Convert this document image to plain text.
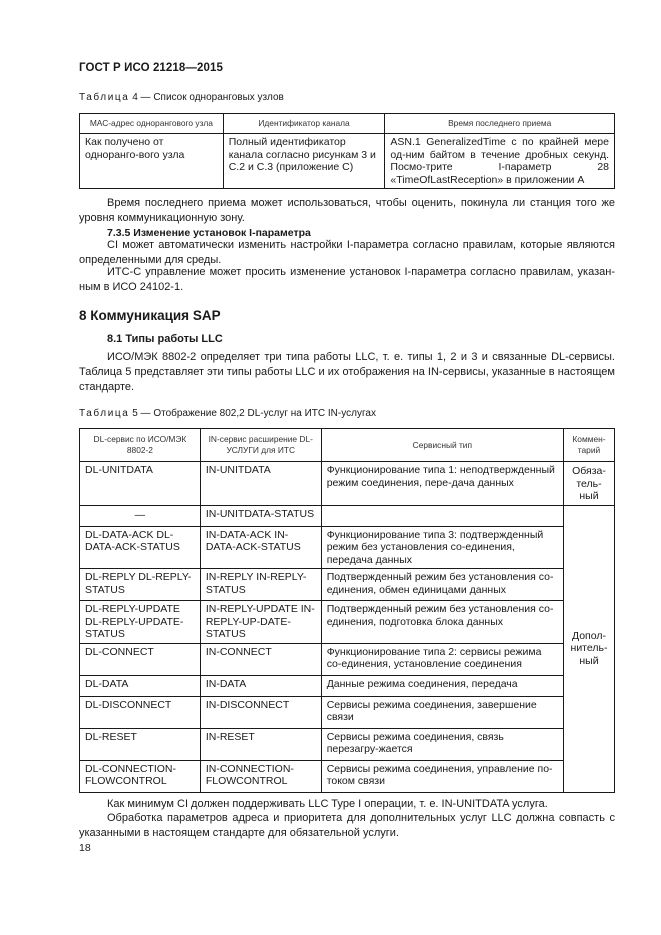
ГОСТ Р ИСО 21218—2015
Таблица 4 — Список одноранговых узлов
МАС-адрес однорангового узла	Идентификатор канала	Время последнего приема
Как получено от одноранго-вого узла	Полный идентификатор канала согласно рисункам 3 и С.2 и С.3 (приложение С)	ASN.1 GeneralizedTime с по крайней мере од-ним байтом в течение дробных секунд. Посмо-трите I-параметр 28 «TimeOfLastReception» в приложении А
Время последнего приема может использоваться, чтобы оценить, покинула ли станция того же уровня коммуникационную зону.
7.3.5 Изменение установок I-параметра
CI может автоматически изменить настройки I-параметра согласно правилам, которые являются определенными для среды.
ИТС-С управление может просить изменение установок I-параметра согласно правилам, указан-ным в ИСО 24102-1.
8 Коммуникация SAP
8.1 Типы работы LLC
ИСО/МЭК 8802-2 определяет три типа работы LLC, т. е. типы 1, 2 и 3 и связанные DL-сервисы. Таблица 5 представляет эти типы работы LLC и их отображения на IN-сервисы, указанные в настоящем стандарте.
Таблица 5 — Отображение 802,2 DL-услуг на ИТС IN-услугах
DL-сервис по ИСО/МЭК 8802-2	IN-сервис расширение DL-УСЛУГИ для ИТС	Сервисный тип	Коммен-тарий
DL-UNITDATA	IN-UNITDATA	Функционирование типа 1: неподтвержденный режим соединения, пере-дача данных	Обяза-тель-ный
—	IN-UNITDATA-STATUS		Допол-нитель-ный
DL-DATA-ACK DL-DATA-ACK-STATUS	IN-DATA-ACK IN-DATA-ACK-STATUS	Функционирование типа 3: подтвержденный режим без установления со-единения, передача данных	
DL-REPLY DL-REPLY-STATUS	IN-REPLY IN-REPLY-STATUS	Подтвержденный режим без установления со-единения, обмен единицами данных	
DL-REPLY-UPDATE DL-REPLY-UPDATE-STATUS	IN-REPLY-UPDATE IN-REPLY-UP-DATE-STATUS	Подтвержденный режим без установления со-единения, подготовка блока данных	
DL-CONNECT	IN-CONNECT	Функционирование типа 2: сервисы режима со-единения, установление соединения	
DL-DATA	IN-DATA	Данные режима соединения, передача	
DL-DISCONNECT	IN-DISCONNECT	Сервисы режима соединения, завершение связи	
DL-RESET	IN-RESET	Сервисы режима соединения, связь перезагру-жается	
DL-CONNECTION-FLOWCONTROL	IN-CONNECTION-FLOWCONTROL	Сервисы режима соединения, управление по-током связи	
Как минимум CI должен поддерживать LLC Type I операции, т. е. IN-UNITDATA услуга.
Обработка параметров адреса и приоритета для дополнительных услуг LLC должна совпасть с указанными в настоящем стандарте для обязательной услуги.
18
